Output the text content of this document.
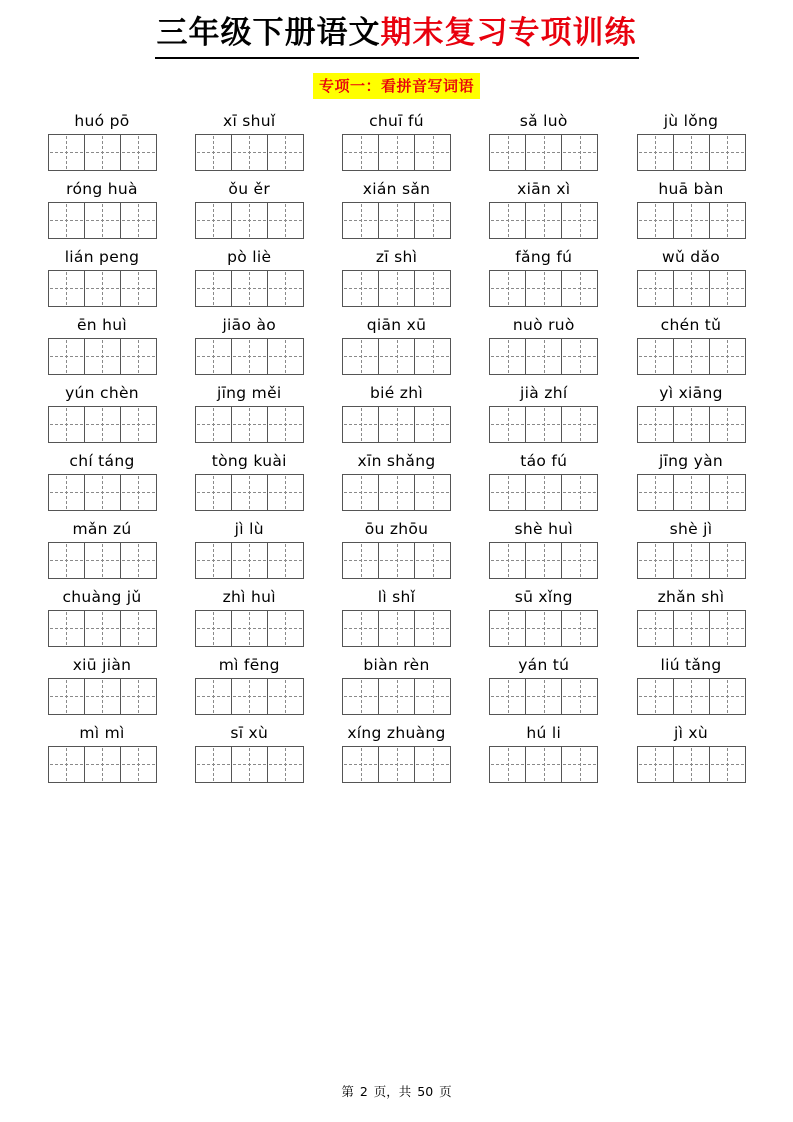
三年级下册语文期末复习专项训练
专项一：看拼音写词语
huó pō	xī shuǐ	chuī fú	sǎ luò	jù lǒng
róng huà	ǒu ěr	xián sǎn	xiān xì	huā bàn
lián peng	pò liè	zī shì	fǎng fú	wǔ dǎo
ēn huì	jiāo ào	qiān xū	nuò ruò	chén tǔ
yún chèn	jīng měi	bié zhì	jià zhí	yì xiāng
chí táng	tòng kuài	xīn shǎng	táo fú	jīng yàn
mǎn zú	jì lù	ōu zhōu	shè huì	shè jì
chuàng jǔ	zhì huì	lì shǐ	sū xǐng	zhǎn shì
xiū jiàn	mì fēng	biàn rèn	yán tú	liú tǎng
mì mì	sī xù	xíng zhuàng	hú li	jì xù
第 2 页，共 50 页
